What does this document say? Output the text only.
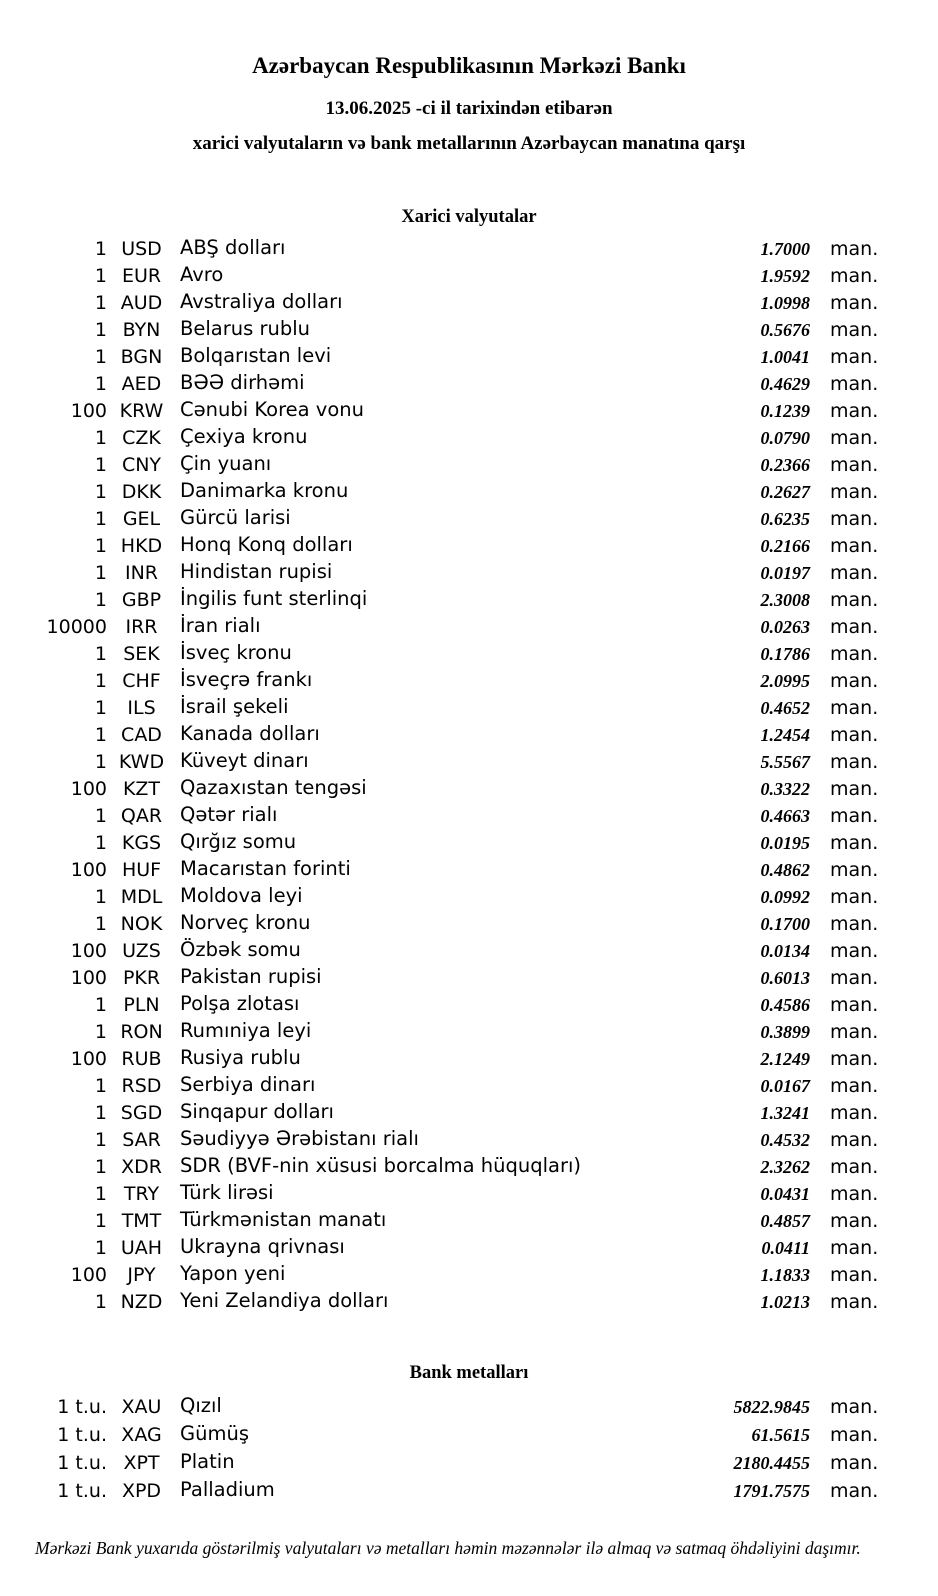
Azərbaycan Respublikasının Mərkəzi Bankı
13.06.2025 -ci il tarixindən etibarən
xarici valyutaların və bank metallarının Azərbaycan manatına qarşı
Xarici valyutalar
1 USD ABŞ dolları	1.7000	man.
1 EUR Avro	1.9592	man.
1 AUD Avstraliya dolları	1.0998	man.
1 BYN	Belarus rublu	0.5676	man.
1 BGN Bolqarıstan levi	1.0041	man.
1 AED BƏƏ dirhəmi	0.4629	man.
100 KRW Cənubi Korea vonu	0.1239	man.
1 CZK Çexiya kronu	0.0790	man.
1 CNY Çin yuanı	0.2366	man.
1 DKK Danimarka kronu	0.2627	man.
1 GEL	Gürcü larisi	0.6235	man.
1 HKD Honq Konq dolları	0.2166	man.
1 INR	Hindistan rupisi	0.0197	man.
1 GBP İngilis funt sterlinqi	2.3008	man.
10000 IRR	İran rialı	0.0263	man.
1 SEK	İsveç kronu	0.1786	man.
1 CHF İsveçrə frankı	2.0995	man.
1	ILS	İsrail şekeli	0.4652	man.
1 CAD Kanada dolları	1.2454	man.
1 KWD Küveyt dinarı	5.5567	man.
100 KZT	Qazaxıstan tengəsi	0.3322	man.
1 QAR Qətər rialı	0.4663	man.
1 KGS Qırğız somu	0.0195	man.
100 HUF Macarıstan forinti	0.4862	man.
1 MDL Moldova leyi	0.0992	man.
1 NOK Norveç kronu	0.1700	man.
100 UZS Özbək somu	0.0134	man.
100 PKR	Pakistan rupisi	0.6013	man.
1 PLN	Polşa zlotası	0.4586	man.
1 RON Rumıniya leyi	0.3899	man.
100 RUB Rusiya rublu	2.1249	man.
1 RSD Serbiya dinarı	0.0167	man.
1 SGD Sinqapur dolları	1.3241	man.
1 SAR Səudiyyə Ərəbistanı rialı	0.4532	man.
1 XDR SDR (BVF-nin xüsusi borcalma hüquqları)	2.3262	man.
1 TRY	Türk lirəsi	0.0431	man.
1 TMT Türkmənistan manatı	0.4857	man.
1 UAH Ukrayna qrivnası	0.0411	man.
100	JPY	Yapon yeni	1.1833	man.
1 NZD Yeni Zelandiya dolları	1.0213	man.
Bank metalları
1 t.u. XAU Qızıl	5822.9845	man.
1 t.u. XAG Gümüş	61.5615	man.
1 t.u. XPT	Platin	2180.4455	man.
1 t.u. XPD Palladium	1791.7575	man.
Mərkəzi Bank yuxarıda göstərilmiş valyutaları və metalları həmin məzənnələr ilə almaq və satmaq öhdəliyini daşımır.
